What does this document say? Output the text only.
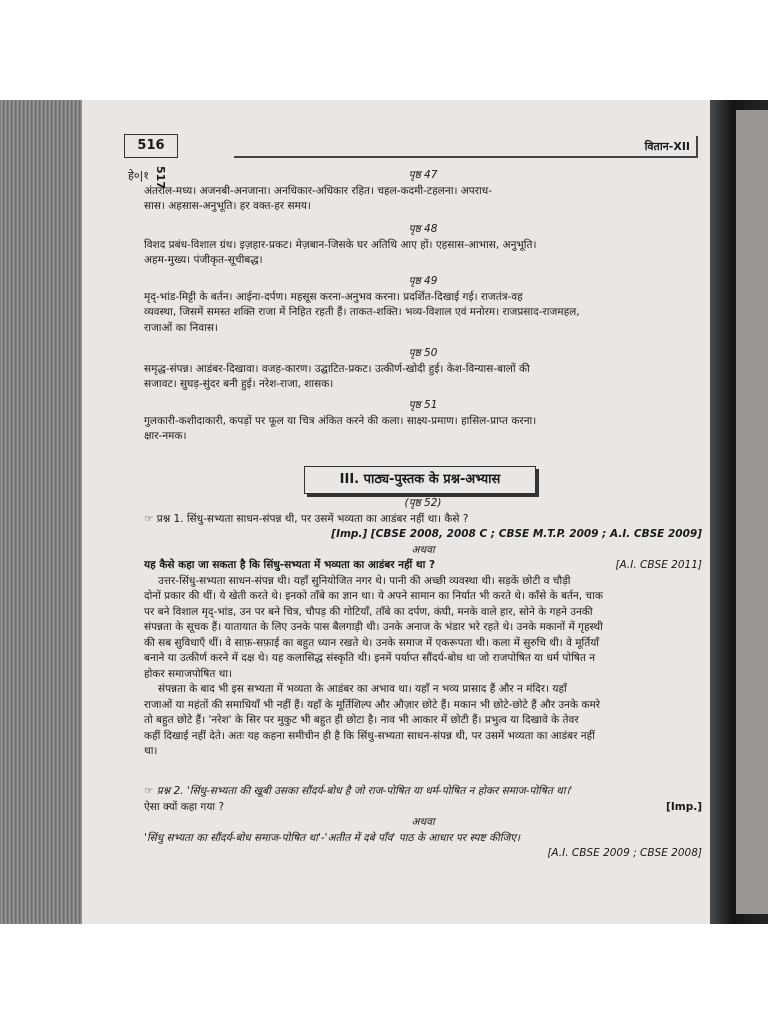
516
हे०|१ 517
वितान-XII
पृष्ठ 47
अंतराल-मध्य। अजनबी-अनजाना। अनधिकार-अधिकार रहित। चहल-कदमी-टहलना। अपराध-
सास। अहसास-अनुभूति। हर वक्त-हर समय।
पृष्ठ 48
विशद प्रबंध-विशाल ग्रंथ। इज़हार-प्रकट। मेज़बान-जिसके घर अतिथि आए हों। एहसास-आभास, अनुभूति।
अहम-मुख्य। पंजीकृत-सूचीबद्ध।
पृष्ठ 49
मृद्-भांड-मिट्टी के बर्तन। आईना-दर्पण। महसूस करना-अनुभव करना। प्रदर्शित-दिखाई गई। राजतंत्र-वह
व्यवस्था, जिसमें समस्त शक्ति राजा में निहित रहती हैं। ताकत-शक्ति। भव्य-विशाल एवं मनोरम। राजप्रसाद-राजमहल,
राजाओं का निवास।
पृष्ठ 50
समृद्ध-संपन्न। आडंबर-दिखावा। वजह-कारण। उद्घाटित-प्रकट। उत्कीर्ण-खोदी हुई। केश-विन्यास-बालों की
सजावट। सुघड़-सुंदर बनी हुई। नरेश-राजा, शासक।
पृष्ठ 51
गुलकारी-कशीदाकारी, कपड़ों पर फूल या चित्र अंकित करने की कला। साक्ष्य-प्रमाण। हासिल-प्राप्त करना।
क्षार-नमक।
III. पाठ्य-पुस्तक के प्रश्न-अभ्यास
(पृष्ठ 52)
☞ प्रश्न 1. सिंधु-सभ्यता साधन-संपन्न थी, पर उसमें भव्यता का आडंबर नहीं था। कैसे ?
[Imp.] [CBSE 2008, 2008 C ; CBSE M.T.P. 2009 ; A.I. CBSE 2009]
अथवा
यह कैसे कहा जा सकता है कि सिंधु-सभ्यता में भव्यता का आडंबर नहीं था ?	[A.I. CBSE 2011]
उत्तर-सिंधु-सभ्यता साधन-संपन्न थी। यहाँ सुनियोजित नगर थे। पानी की अच्छी व्यवस्था थी। सड़कें छोटी व चौड़ी
दोनों प्रकार की थीं। ये खेती करते थे। इनको ताँबे का ज्ञान था। ये अपने सामान का निर्यात भी करते थे। काँसे के बर्तन, चाक
पर बने विशाल मृद्-भांड, उन पर बने चित्र, चौपड़ की गोटियाँ, ताँबे का दर्पण, कंघी, मनके वाले हार, सोने के गहने उनकी
संपन्नता के सूचक हैं। यातायात के लिए उनके पास बैलगाड़ी थी। उनके अनाज के भंडार भरे रहते थे। उनके मकानों में गृहस्थी
की सब सुविधाएँ थीं। वे साफ़-सफ़ाई का बहुत ध्यान रखते थे। उनके समाज में एकरूपता थी। कला में सुरुचि थी। वे मूर्तियाँ
बनाने या उत्कीर्ण करने में दक्ष थे। यह कलासिद्ध संस्कृति थी। इनमें पर्याप्त सौंदर्य-बोध था जो राजपोषित या धर्म पोषित न
होकर समाजपोषित था।
संपन्नता के बाद भी इस सभ्यता में भव्यता के आडंबर का अभाव था। यहाँ न भव्य प्रासाद हैं और न मंदिर। यहाँ
राजाओं या महंतों की समाधियाँ भी नहीं हैं। यहाँ के मूर्तिशिल्प और औज़ार छोटे हैं। मकान भी छोटे-छोटे हैं और उनके कमरे
तो बहुत छोटे हैं। 'नरेश' के सिर पर मुकुट भी बहुत ही छोटा है। नाव भी आकार में छोटी हैं। प्रभुत्व या दिखावे के तेवर
कहीं दिखाई नहीं देते। अतः यह कहना समीचीन ही है कि सिंधु-सभ्यता साधन-संपन्न थी, पर उसमें भव्यता का आडंबर नहीं
था।
☞ प्रश्न 2. 'सिंधु-सभ्यता की खूबी उसका सौंदर्य-बोध है जो राज-पोषित या धर्म-पोषित न होकर समाज-पोषित था।'
ऐसा क्यों कहा गया ?	[Imp.]
अथवा
'सिंधु सभ्यता का सौंदर्य-बोध समाज-पोषित था'-'अतीत में दबे पाँव' पाठ के आधार पर स्पष्ट कीजिए।
[A.I. CBSE 2009 ; CBSE 2008]
